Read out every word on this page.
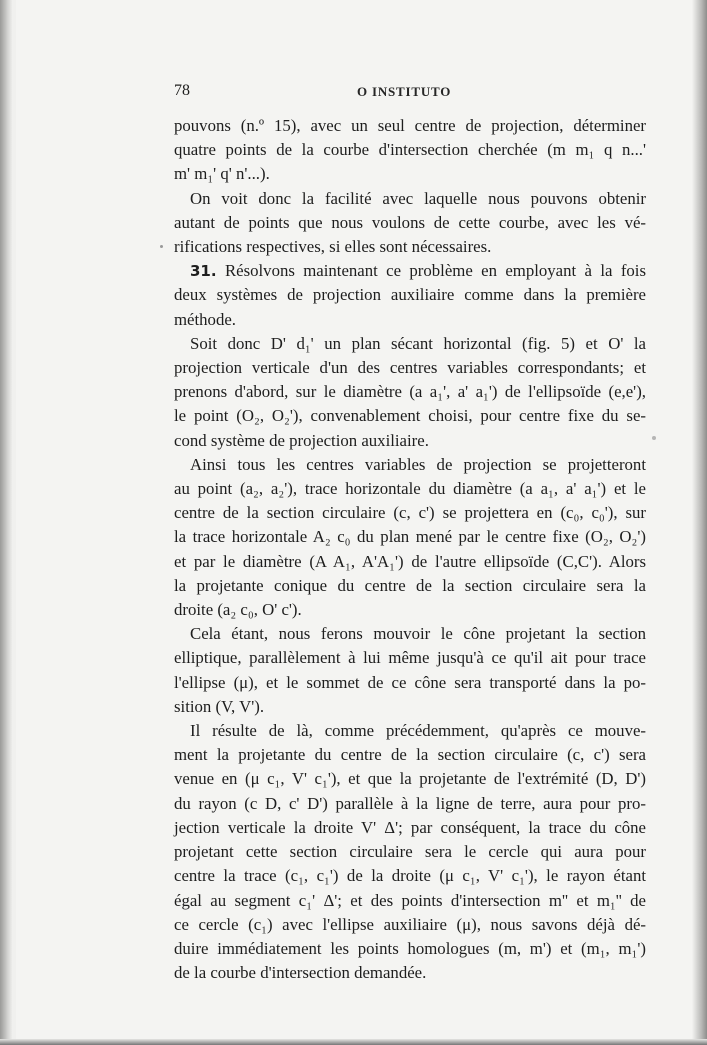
78	O INSTITUTO
pouvons (n.º 15), avec un seul centre de projection, déterminer
quatre points de la courbe d'intersection cherchée (m m₁ q n...'
m' m₁' q' n'...).
On voit donc la facilité avec laquelle nous pouvons obtenir
autant de points que nous voulons de cette courbe, avec les vé-
rifications respectives, si elles sont nécessaires.
31. Résolvons maintenant ce problème en employant à la fois
deux systèmes de projection auxiliaire comme dans la première
méthode.
Soit donc D' d₁' un plan sécant horizontal (fig. 5) et O' la
projection verticale d'un des centres variables correspondants; et
prenons d'abord, sur le diamètre (a a₁', a' a₁') de l'ellipsoïde (e,e'),
le point (O₂, O₂'), convenablement choisi, pour centre fixe du se-
cond système de projection auxiliaire.
Ainsi tous les centres variables de projection se projetteront
au point (a₂, a₂'), trace horizontale du diamètre (a a₁, a' a₁') et le
centre de la section circulaire (c, c') se projettera en (c₀, c₀'), sur
la trace horizontale A₂ c₀ du plan mené par le centre fixe (O₂, O₂')
et par le diamètre (A A₁, A'A₁') de l'autre ellipsoïde (C,C'). Alors
la projetante conique du centre de la section circulaire sera la
droite (a₂ c₀, O' c').
Cela étant, nous ferons mouvoir le cône projetant la section
elliptique, parallèlement à lui même jusqu'à ce qu'il ait pour trace
l'ellipse (μ), et le sommet de ce cône sera transporté dans la po-
sition (V, V').
Il résulte de là, comme précédemment, qu'après ce mouve-
ment la projetante du centre de la section circulaire (c, c') sera
venue en (μ c₁, V' c₁'), et que la projetante de l'extrémité (D, D')
du rayon (c D, c' D') parallèle à la ligne de terre, aura pour pro-
jection verticale la droite V' Δ'; par conséquent, la trace du cône
projetant cette section circulaire sera le cercle qui aura pour
centre la trace (c₁, c₁') de la droite (μ c₁, V' c₁'), le rayon étant
égal au segment c₁' Δ'; et des points d'intersection m'' et m₁'' de
ce cercle (c₁) avec l'ellipse auxiliaire (μ), nous savons déjà dé-
duire immédiatement les points homologues (m, m') et (m₁, m₁')
de la courbe d'intersection demandée.
